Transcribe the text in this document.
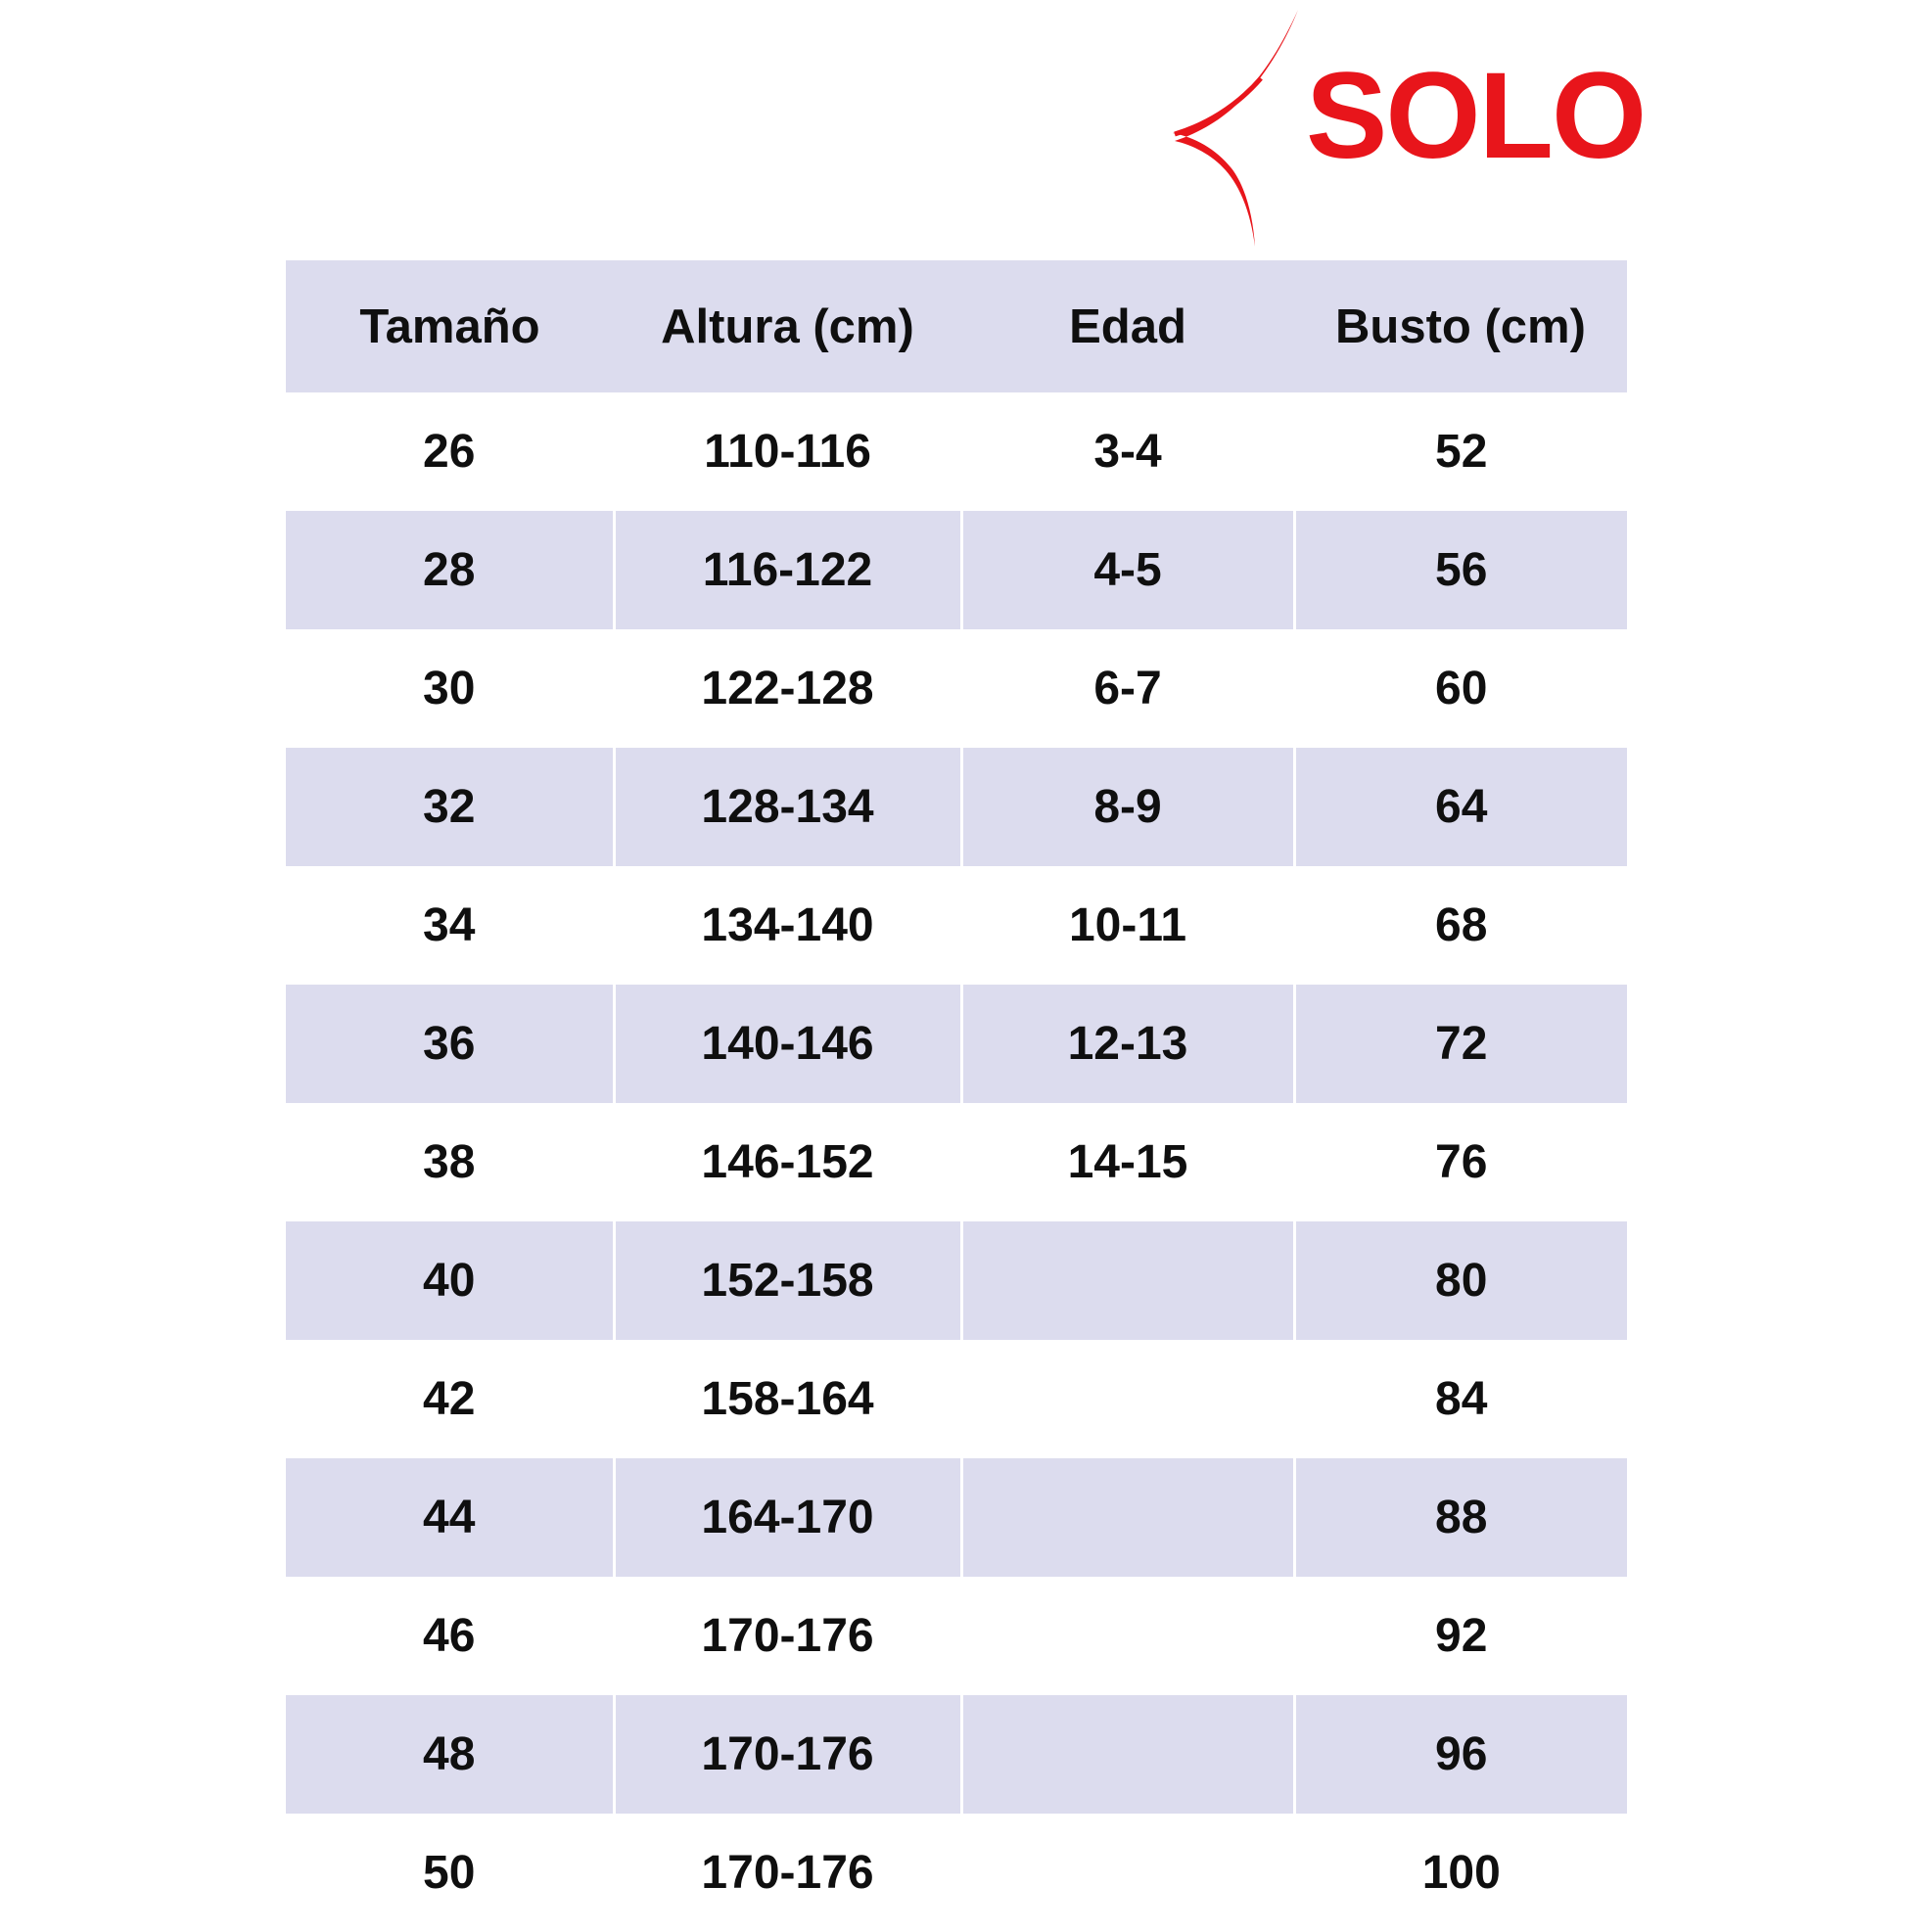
SOLO
Tamaño	Altura (cm)	Edad	Busto (cm)
26	110-116	3-4	52
28	116-122	4-5	56
30	122-128	6-7	60
32	128-134	8-9	64
34	134-140	10-11	68
36	140-146	12-13	72
38	146-152	14-15	76
40	152-158		80
42	158-164		84
44	164-170		88
46	170-176		92
48	170-176		96
50	170-176		100
